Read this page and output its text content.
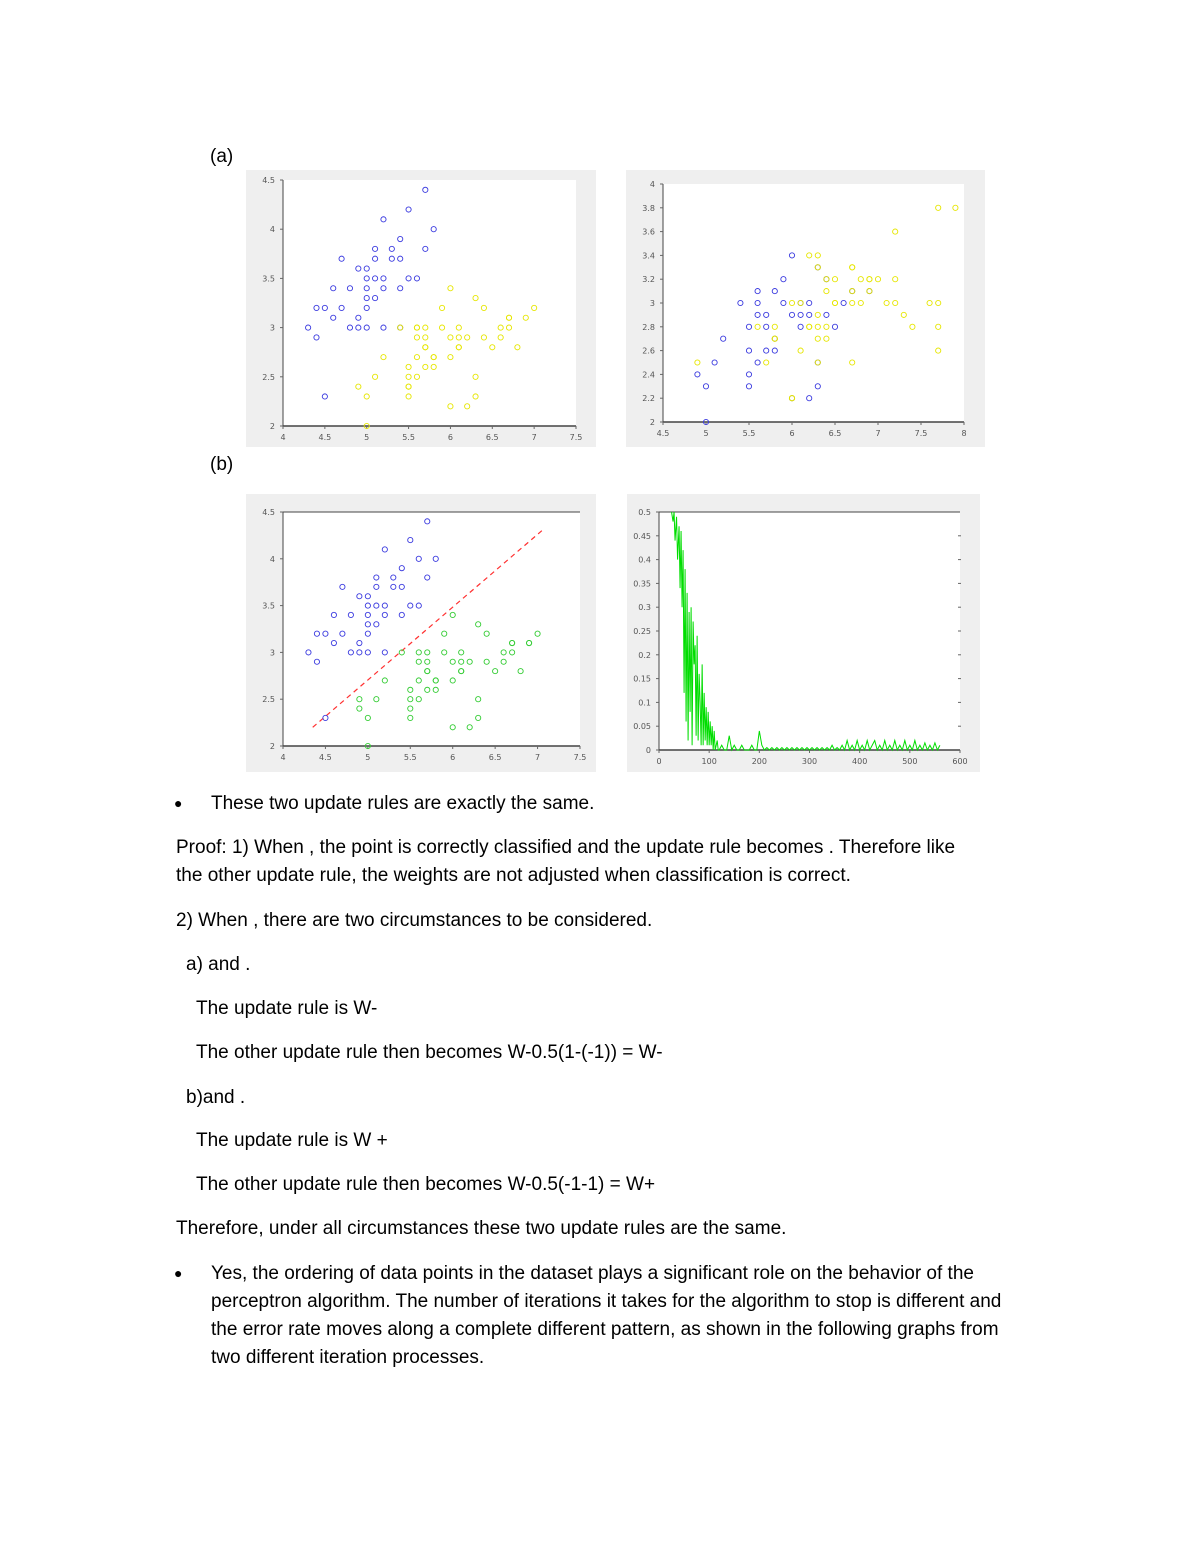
(a)
(b)
4	4.5	5	5.5	6	6.5	7	7.5
2
2.5
3
3.5
4
4.5
4.5	5	5.5	6	6.5	7	7.5	8
2
2.2
2.4
2.6
2.8
3
3.2
3.4
3.6
3.8
4
4	4.5	5	5.5	6	6.5	7	7.5
2
2.5
3
3.5
4
4.5
0	100	200	300	400	500	600
0
0.05
0.1
0.15
0.2
0.25
0.3
0.35
0.4
0.45
0.5
● These two update rules are exactly the same.
Proof: 1) When , the point is correctly classified and the update rule becomes . Therefore like
the other update rule, the weights are not adjusted when classification is correct.
2) When , there are two circumstances to be considered.
a) and .
The update rule is W-
The other update rule then becomes W-0.5(1-(-1)) = W-
b)and .
The update rule is W +
The other update rule then becomes W-0.5(-1-1) = W+
Therefore, under all circumstances these two update rules are the same.
● Yes, the ordering of data points in the dataset plays a significant role on the behavior of the perceptron algorithm. The number of iterations it takes for the algorithm to stop is different and the error rate moves along a complete different pattern, as shown in the following graphs from two different iteration processes.
